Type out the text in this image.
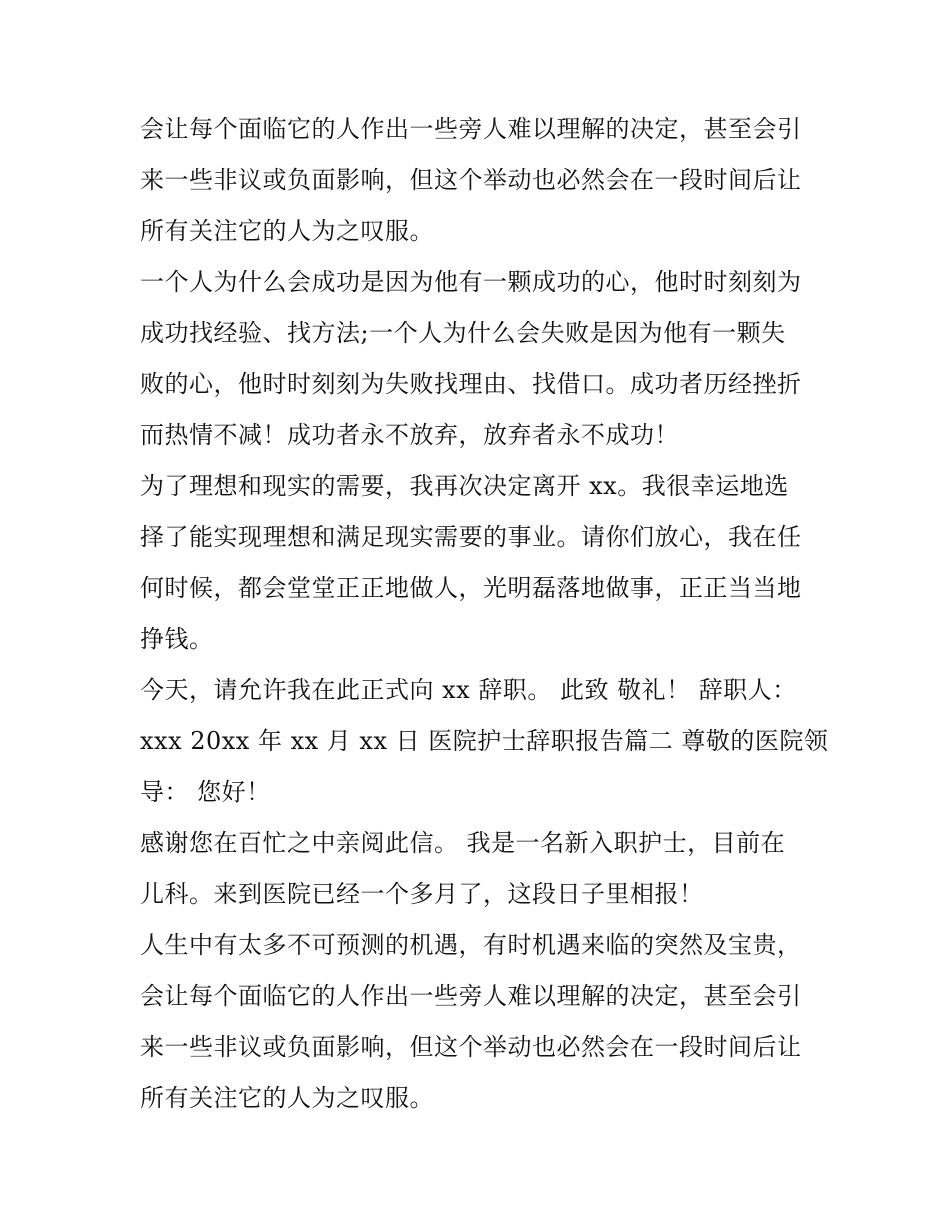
会让每个面临它的人作出一些旁人难以理解的决定，甚至会引
来一些非议或负面影响，但这个举动也必然会在一段时间后让
所有关注它的人为之叹服。
一个人为什么会成功是因为他有一颗成功的心，他时时刻刻为
成功找经验、找方法;一个人为什么会失败是因为他有一颗失
败的心，他时时刻刻为失败找理由、找借口。成功者历经挫折
而热情不减！成功者永不放弃，放弃者永不成功！
为了理想和现实的需要，我再次决定离开 xx。我很幸运地选
择了能实现理想和满足现实需要的事业。请你们放心，我在任
何时候，都会堂堂正正地做人，光明磊落地做事，正正当当地
挣钱。
今天，请允许我在此正式向 xx 辞职。 此致 敬礼！ 辞职人：
xxx 20xx 年 xx 月 xx 日 医院护士辞职报告篇二 尊敬的医院领
导： 您好！
感谢您在百忙之中亲阅此信。 我是一名新入职护士，目前在
儿科。来到医院已经一个多月了，这段日子里相报！
人生中有太多不可预测的机遇，有时机遇来临的突然及宝贵，
会让每个面临它的人作出一些旁人难以理解的决定，甚至会引
来一些非议或负面影响，但这个举动也必然会在一段时间后让
所有关注它的人为之叹服。
